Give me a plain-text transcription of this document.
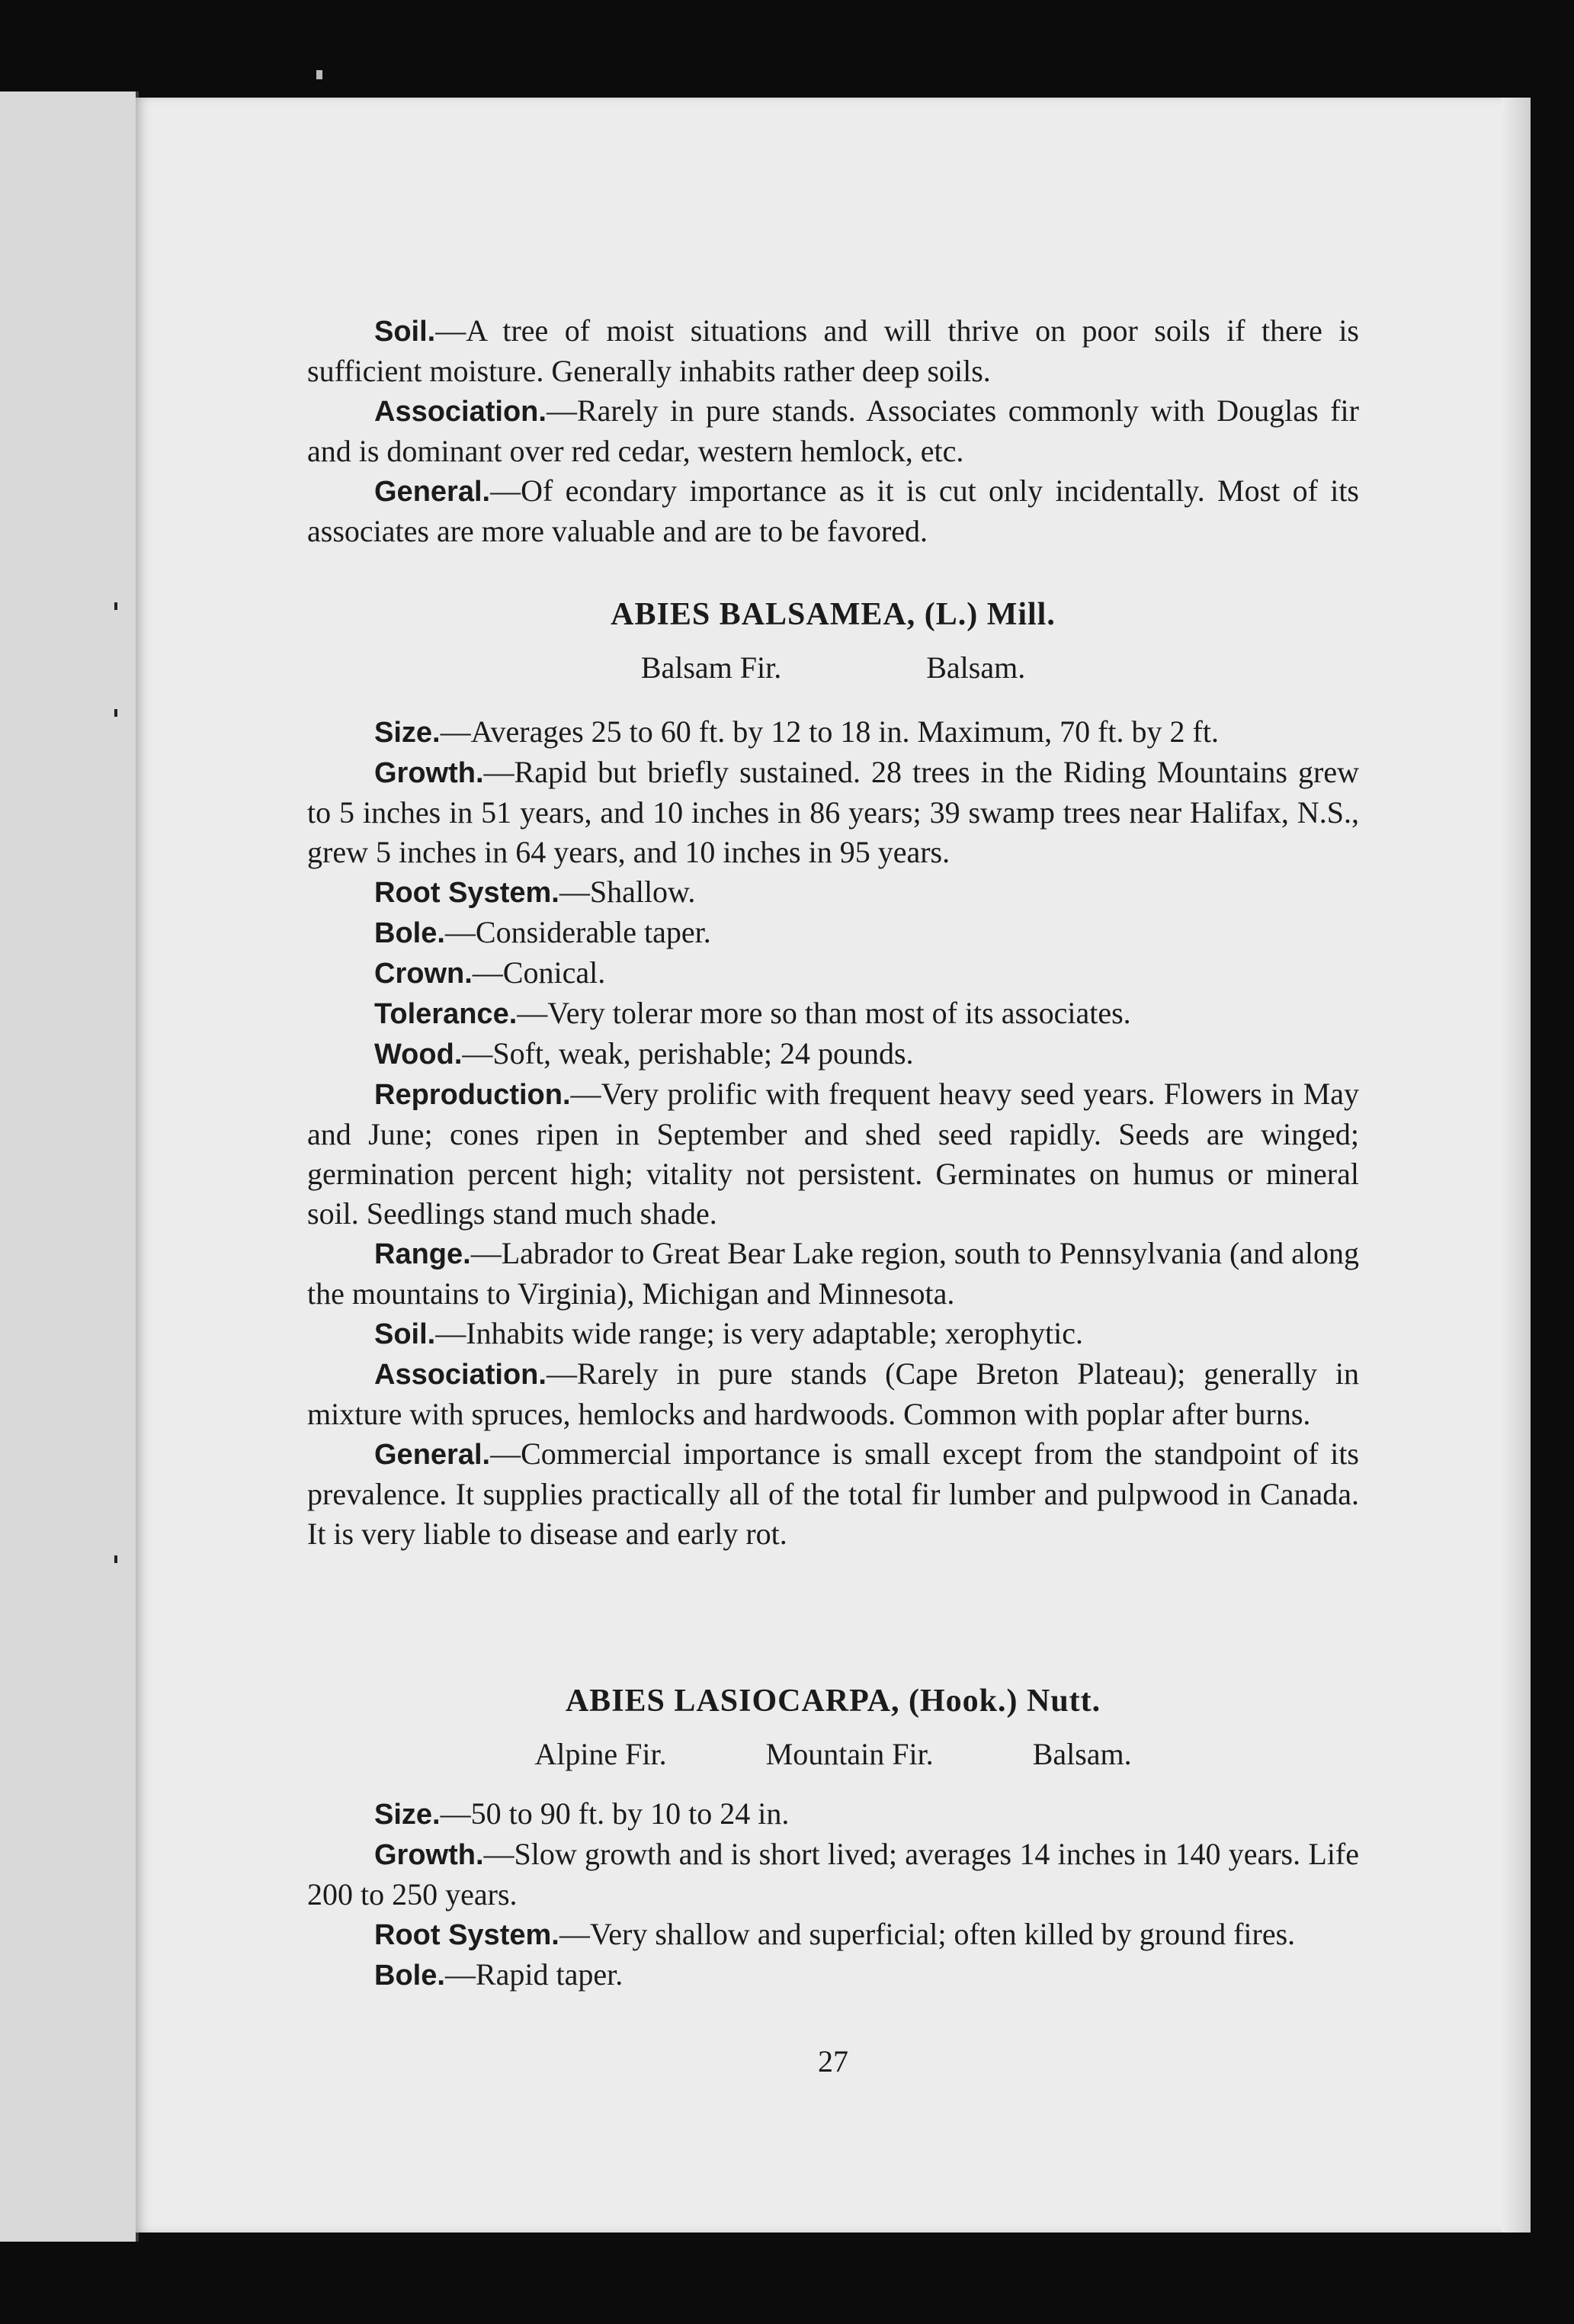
Soil.—A tree of moist situations and will thrive on poor soils if there is sufficient moisture. Generally inhabits rather deep soils.

Association.—Rarely in pure stands. Associates commonly with Douglas fir and is dominant over red cedar, western hemlock, etc.

General.—Of econdary importance as it is cut only incidentally. Most of its associates are more valuable and are to be favored.

ABIES BALSAMEA, (L.) Mill.
Balsam Fir.	Balsam.

Size.—Averages 25 to 60 ft. by 12 to 18 in. Maximum, 70 ft. by 2 ft.

Growth.—Rapid but briefly sustained. 28 trees in the Riding Mountains grew to 5 inches in 51 years, and 10 inches in 86 years; 39 swamp trees near Halifax, N.S., grew 5 inches in 64 years, and 10 inches in 95 years.

Root System.—Shallow.

Bole.—Considerable taper.

Crown.—Conical.

Tolerance.—Very tolerar more so than most of its associates.

Wood.—Soft, weak, perishable; 24 pounds.

Reproduction.—Very prolific with frequent heavy seed years. Flowers in May and June; cones ripen in September and shed seed rapidly. Seeds are winged; germination percent high; vitality not persistent. Germinates on humus or mineral soil. Seedlings stand much shade.

Range.—Labrador to Great Bear Lake region, south to Pennsylvania (and along the mountains to Virginia), Michigan and Minnesota.

Soil.—Inhabits wide range; is very adaptable; xerophytic.

Association.—Rarely in pure stands (Cape Breton Plateau); generally in mixture with spruces, hemlocks and hardwoods. Common with poplar after burns.

General.—Commercial importance is small except from the standpoint of its prevalence. It supplies practically all of the total fir lumber and pulpwood in Canada. It is very liable to disease and early rot.

ABIES LASIOCARPA, (Hook.) Nutt.
Alpine Fir.	Mountain Fir.	Balsam.

Size.—50 to 90 ft. by 10 to 24 in.

Growth.—Slow growth and is short lived; averages 14 inches in 140 years. Life 200 to 250 years.

Root System.—Very shallow and superficial; often killed by ground fires.

Bole.—Rapid taper.

27
